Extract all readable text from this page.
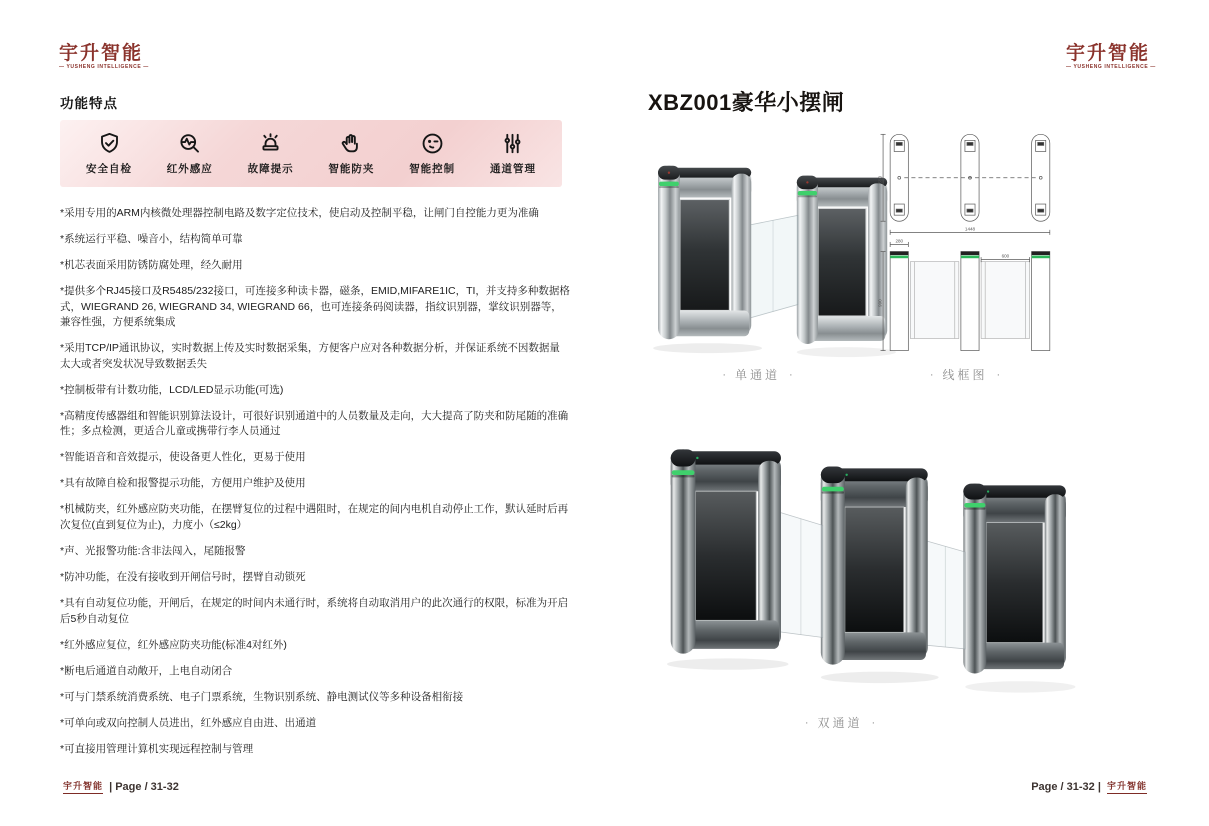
宇升智能
— YUSHENG INTELLIGENCE —
宇升智能
— YUSHENG INTELLIGENCE —
功能特点
安全自检	红外感应	故障提示	智能防夹	智能控制	通道管理

*采用专用的ARM内核微处理器控制电路及数字定位技术，使启动及控制平稳，让闸门自控能力更为准确

*系统运行平稳、噪音小，结构简单可靠

*机芯表面采用防锈防腐处理，经久耐用

*提供多个RJ45接口及R5485/232接口，可连接多种读卡器，磁条，EMID,MIFARE1IC，TI，并支持多种数据格式，WIEGRAND 26, WIEGRAND 34, WIEGRAND 66，也可连接条码阅读器，指纹识别器，掌纹识别器等，兼容性强，方便系统集成

*采用TCP/IP通讯协议，实时数据上传及实时数据采集，方便客户应对各种数据分析，并保证系统不因数据量太大或者突发状况导致数据丢失

*控制板带有计数功能，LCD/LED显示功能(可选)

*高精度传感器组和智能识别算法设计，可很好识别通道中的人员数量及走向，大大提高了防夹和防尾随的准确性；多点检测，更适合儿童或携带行李人员通过

*智能语音和音效提示，使设备更人性化，更易于使用

*具有故障自检和报警提示功能，方便用户维护及使用

*机械防夹，红外感应防夹功能，在摆臂复位的过程中遇阻时，在规定的间内电机自动停止工作，默认延时后再次复位(直到复位为止)，力度小（≤2kg）

*声、光报警功能:含非法闯入，尾随报警

*防冲功能，在没有接收到开闸信号时，摆臂自动锁死

*具有自动复位功能，开闸后，在规定的时间内未通行时，系统将自动取消用户的此次通行的权限，标准为开启后5秒自动复位

*红外感应复位，红外感应防夹功能(标准4对红外)

*断电后通道自动敞开，上电自动闭合

*可与门禁系统消费系统、电子门票系统，生物识别系统、静电测试仪等多种设备相衔接

*可单向或双向控制人员进出，红外感应自由进、出通道

*可直接用管理计算机实现远程控制与管理

XBZ001豪华小摆闸
550
1448
280
600
990
· 单通道 ·	· 线框图 ·
· 双通道 ·
宇升智能 | Page / 31-32	Page / 31-32 | 宇升智能
